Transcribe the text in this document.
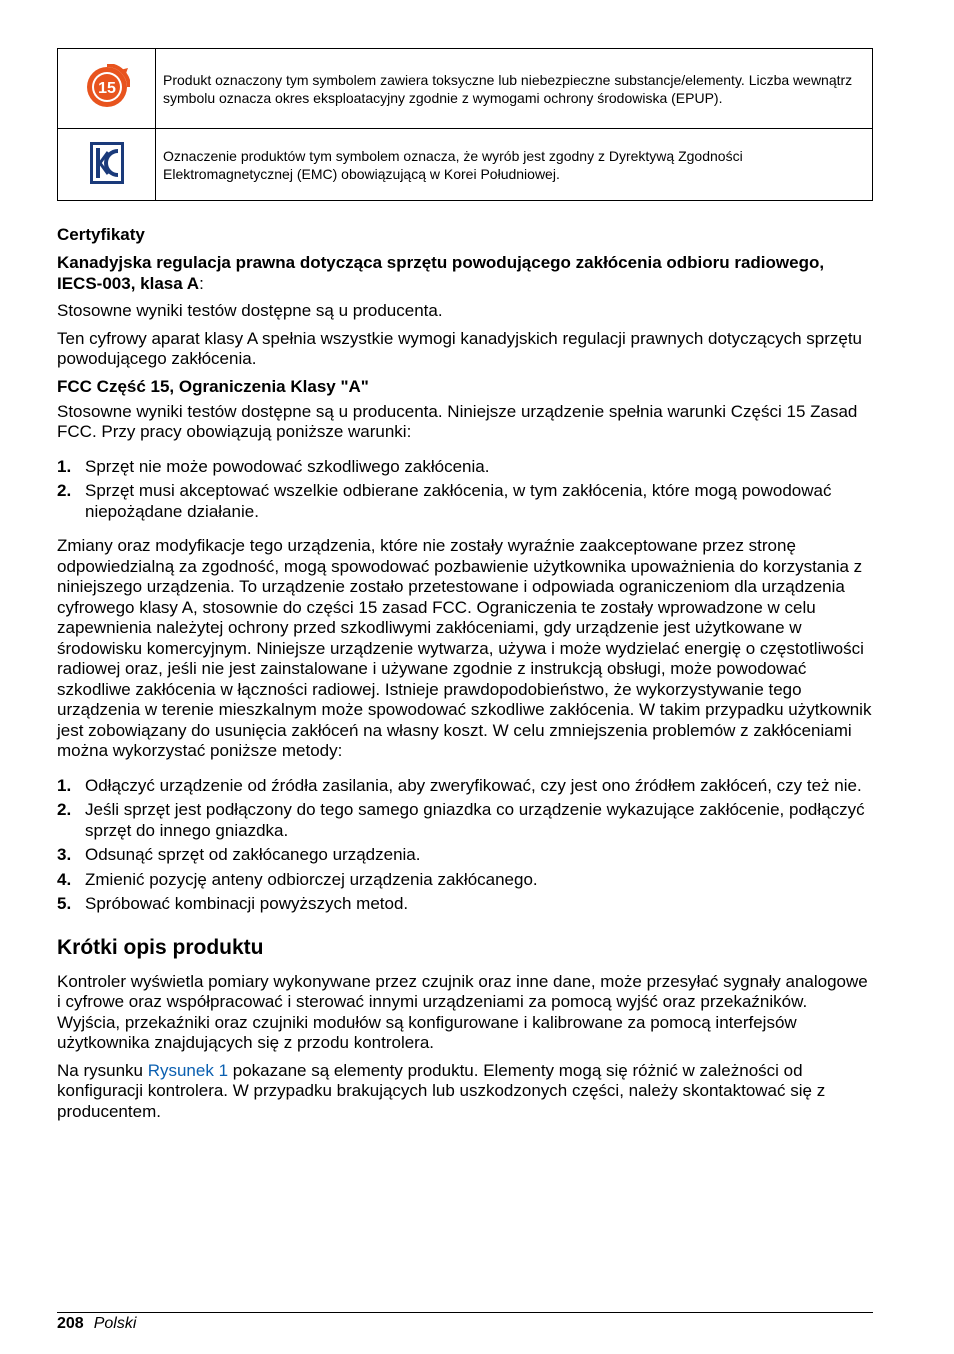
15	Produkt oznaczony tym symbolem zawiera toksyczne lub niebezpieczne substancje/elementy. Liczba wewnątrz symbolu oznacza okres eksploatacyjny zgodnie z wymogami ochrony środowiska (EPUP).
	Oznaczenie produktów tym symbolem oznacza, że wyrób jest zgodny z Dyrektywą Zgodności Elektromagnetycznej (EMC) obowiązującą w Korei Południowej.
Certyfikaty

Kanadyjska regulacja prawna dotycząca sprzętu powodującego zakłócenia odbioru radiowego, IECS-003, klasa A:

Stosowne wyniki testów dostępne są u producenta.

Ten cyfrowy aparat klasy A spełnia wszystkie wymogi kanadyjskich regulacji prawnych dotyczących sprzętu powodującego zakłócenia.

FCC Część 15, Ograniczenia Klasy "A"

Stosowne wyniki testów dostępne są u producenta. Niniejsze urządzenie spełnia warunki Części 15 Zasad FCC. Przy pracy obowiązują poniższe warunki:

1. Sprzęt nie może powodować szkodliwego zakłócenia.
2. Sprzęt musi akceptować wszelkie odbierane zakłócenia, w tym zakłócenia, które mogą powodować niepożądane działanie.

Zmiany oraz modyfikacje tego urządzenia, które nie zostały wyraźnie zaakceptowane przez stronę odpowiedzialną za zgodność, mogą spowodować pozbawienie użytkownika upoważnienia do korzystania z niniejszego urządzenia. To urządzenie zostało przetestowane i odpowiada ograniczeniom dla urządzenia cyfrowego klasy A, stosownie do części 15 zasad FCC. Ograniczenia te zostały wprowadzone w celu zapewnienia należytej ochrony przed szkodliwymi zakłóceniami, gdy urządzenie jest użytkowane w środowisku komercyjnym. Niniejsze urządzenie wytwarza, używa i może wydzielać energię o częstotliwości radiowej oraz, jeśli nie jest zainstalowane i używane zgodnie z instrukcją obsługi, może powodować szkodliwe zakłócenia w łączności radiowej. Istnieje prawdopodobieństwo, że wykorzystywanie tego urządzenia w terenie mieszkalnym może spowodować szkodliwe zakłócenia. W takim przypadku użytkownik jest zobowiązany do usunięcia zakłóceń na własny koszt. W celu zmniejszenia problemów z zakłóceniami można wykorzystać poniższe metody:

1. Odłączyć urządzenie od źródła zasilania, aby zweryfikować, czy jest ono źródłem zakłóceń, czy też nie.
2. Jeśli sprzęt jest podłączony do tego samego gniazdka co urządzenie wykazujące zakłócenie, podłączyć sprzęt do innego gniazdka.
3. Odsunąć sprzęt od zakłócanego urządzenia.
4. Zmienić pozycję anteny odbiorczej urządzenia zakłócanego.
5. Spróbować kombinacji powyższych metod.
Krótki opis produktu

Kontroler wyświetla pomiary wykonywane przez czujnik oraz inne dane, może przesyłać sygnały analogowe i cyfrowe oraz współpracować i sterować innymi urządzeniami za pomocą wyjść oraz przekaźników. Wyjścia, przekaźniki oraz czujniki modułów są konfigurowane i kalibrowane za pomocą interfejsów użytkownika znajdujących się z przodu kontrolera.

Na rysunku Rysunek 1 pokazane są elementy produktu. Elementy mogą się różnić w zależności od konfiguracji kontrolera. W przypadku brakujących lub uszkodzonych części, należy skontaktować się z producentem.

208 Polski
